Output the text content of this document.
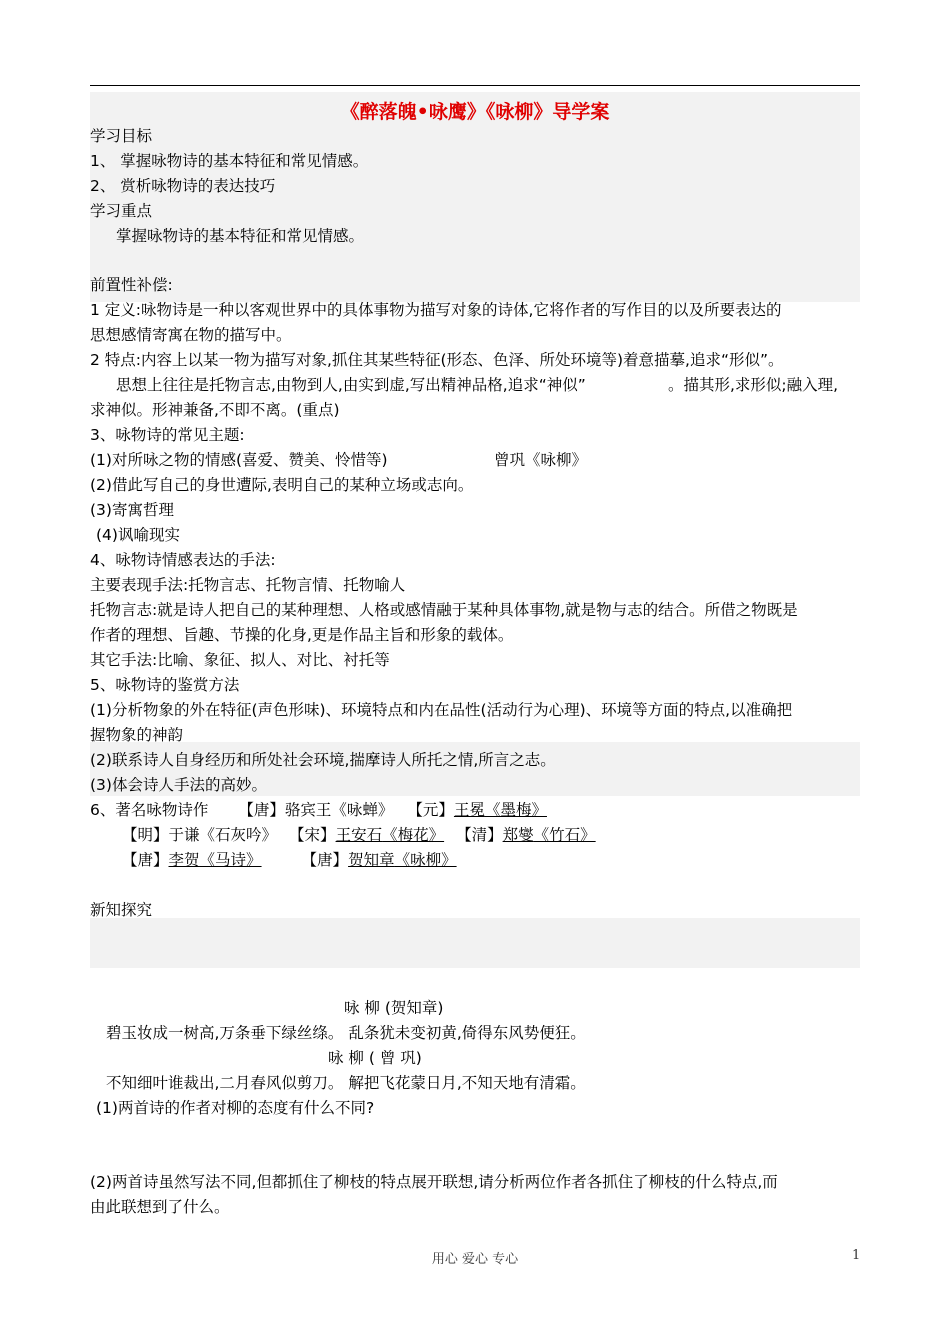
《醉落魄•咏鹰》《咏柳》导学案
学习目标
1、 掌握咏物诗的基本特征和常见情感。
2、 赏析咏物诗的表达技巧
学习重点
掌握咏物诗的基本特征和常见情感。
前置性补偿:
1 定义:咏物诗是一种以客观世界中的具体事物为描写对象的诗体,它将作者的写作目的以及所要表达的
思想感情寄寓在物的描写中。
2 特点:内容上以某一物为描写对象,抓住其某些特征(形态、色泽、所处环境等)着意描摹,追求“形似”。
思想上往往是托物言志,由物到人,由实到虚,写出精神品格,追求“神似”	。描其形,求形似;融入理,
求神似。形神兼备,不即不离。(重点)
3、咏物诗的常见主题:
(1)对所咏之物的情感(喜爱、赞美、怜惜等)	曾巩《咏柳》
(2)借此写自己的身世遭际,表明自己的某种立场或志向。
(3)寄寓哲理
(4)讽喻现实
4、咏物诗情感表达的手法:
主要表现手法:托物言志、托物言情、托物喻人
托物言志:就是诗人把自己的某种理想、人格或感情融于某种具体事物,就是物与志的结合。所借之物既是
作者的理想、旨趣、节操的化身,更是作品主旨和形象的载体。
其它手法:比喻、象征、拟人、对比、衬托等
5、咏物诗的鉴赏方法
(1)分析物象的外在特征(声色形味)、环境特点和内在品性(活动行为心理)、环境等方面的特点,以准确把
握物象的神韵
(2)联系诗人自身经历和所处社会环境,揣摩诗人所托之情,所言之志。
(3)体会诗人手法的高妙。
6、著名咏物诗作 【唐】骆宾王《咏蝉》 【元】王冕《墨梅》
【明】于谦《石灰吟》 【宋】王安石《梅花》 【清】郑燮《竹石》
【唐】李贺《马诗》	【唐】贺知章《咏柳》
新知探究
咏 柳 (贺知章)
碧玉妆成一树高,万条垂下绿丝绦。 乱条犹未变初黄,倚得东风势便狂。
咏 柳 ( 曾 巩)
不知细叶谁裁出,二月春风似剪刀。 解把飞花蒙日月,不知天地有清霜。
(1)两首诗的作者对柳的态度有什么不同?
(2)两首诗虽然写法不同,但都抓住了柳枝的特点展开联想,请分析两位作者各抓住了柳枝的什么特点,而
由此联想到了什么。
用心 爱心 专心	1
